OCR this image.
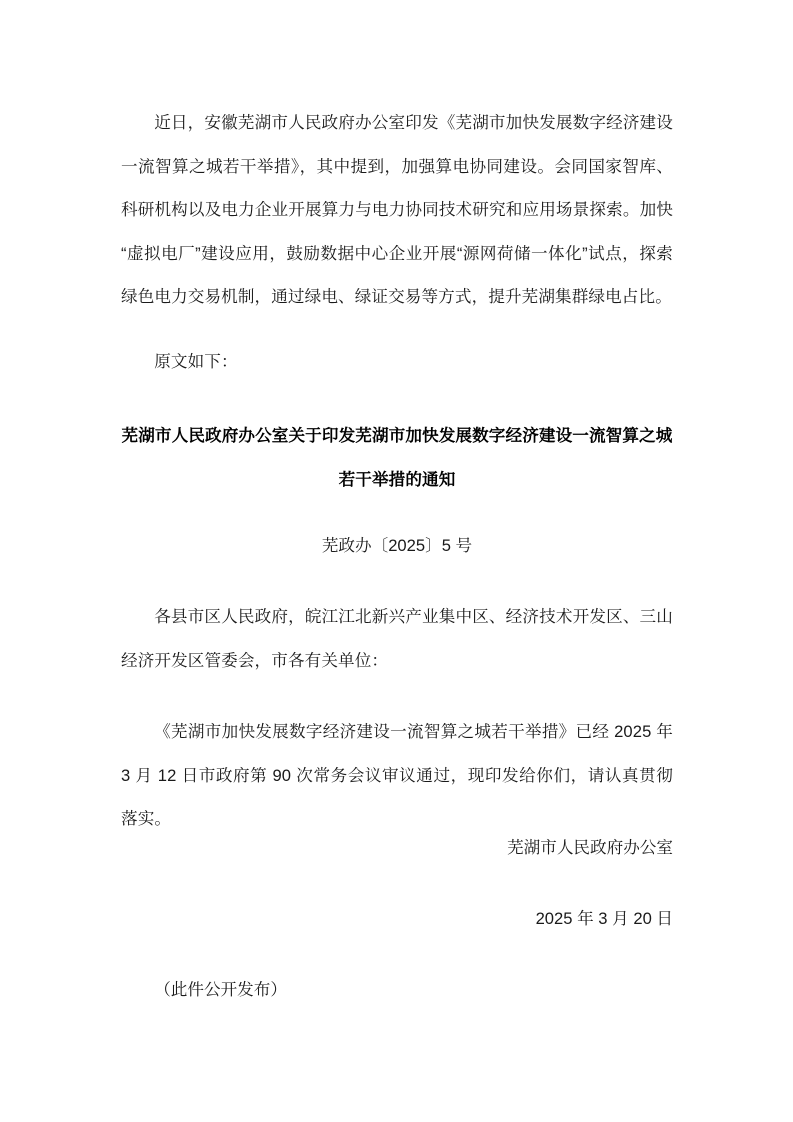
近日，安徽芜湖市人民政府办公室印发《芜湖市加快发展数字经济建设一流智算之城若干举措》，其中提到，加强算电协同建设。会同国家智库、科研机构以及电力企业开展算力与电力协同技术研究和应用场景探索。加快“虚拟电厂”建设应用，鼓励数据中心企业开展“源网荷储一体化”试点，探索绿色电力交易机制，通过绿电、绿证交易等方式，提升芜湖集群绿电占比。

原文如下：

芜湖市人民政府办公室关于印发芜湖市加快发展数字经济建设一流智算之城若干举措的通知

芜政办〔2025〕5 号

各县市区人民政府，皖江江北新兴产业集中区、经济技术开发区、三山经济开发区管委会，市各有关单位：

《芜湖市加快发展数字经济建设一流智算之城若干举措》已经 2025 年 3 月 12 日市政府第 90 次常务会议审议通过，现印发给你们，请认真贯彻落实。

芜湖市人民政府办公室

2025 年 3 月 20 日

（此件公开发布）
